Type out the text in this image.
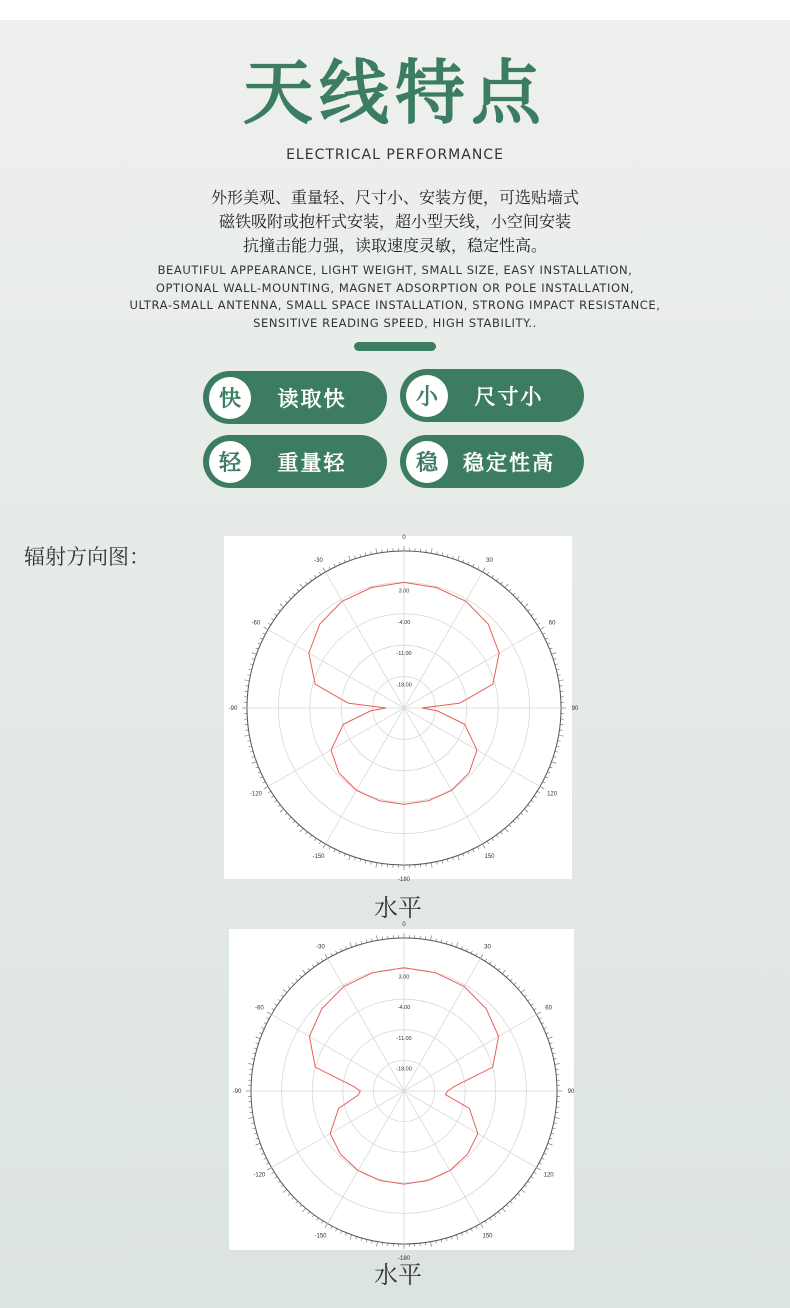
天线特点
ELECTRICAL PERFORMANCE
外形美观、重量轻、尺寸小、安装方便，可选贴墙式
磁铁吸附或抱杆式安装，超小型天线，小空间安装
抗撞击能力强，读取速度灵敏，稳定性高。
BEAUTIFUL APPEARANCE, LIGHT WEIGHT, SMALL SIZE, EASY INSTALLATION,
OPTIONAL WALL-MOUNTING, MAGNET ADSORPTION OR POLE INSTALLATION,
ULTRA-SMALL ANTENNA, SMALL SPACE INSTALLATION, STRONG IMPACT RESISTANCE,
SENSITIVE READING SPEED, HIGH STABILITY..
快	读取快	小	尺寸小
轻	重量轻	稳	稳定性高
辐射方向图：
3.00
-4.00
-11.00
-18.00
0
30
60
90
120
150
-180
-150
-120
-90
-60
-30
水平
3.00
-4.00
-11.00
-18.00
0
30
60
90
120
150
-180
-150
-120
-90
-60
-30
水平
